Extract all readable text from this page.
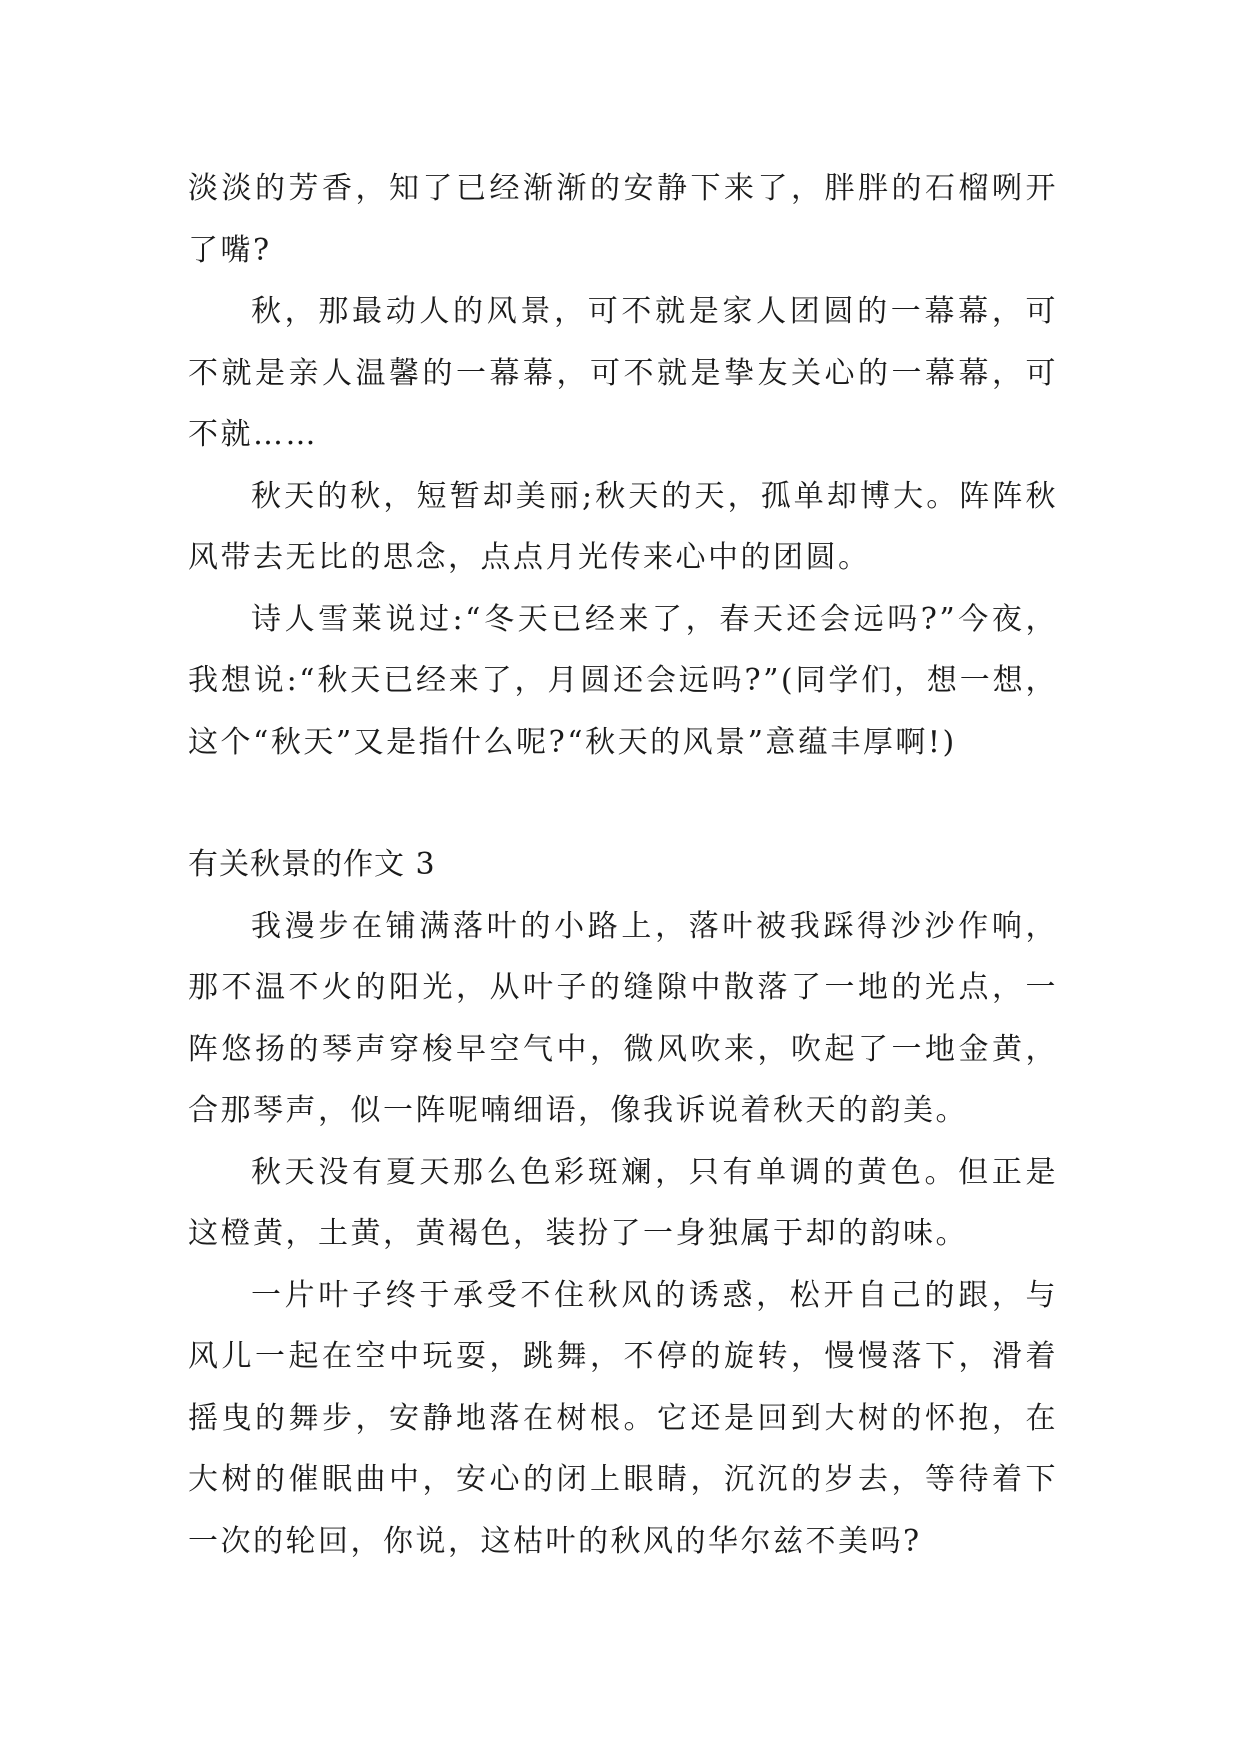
淡淡的芳香，知了已经渐渐的安静下来了，胖胖的石榴咧开了嘴?

秋，那最动人的风景，可不就是家人团圆的一幕幕，可不就是亲人温馨的一幕幕，可不就是挚友关心的一幕幕，可不就……

秋天的秋，短暂却美丽;秋天的天，孤单却博大。阵阵秋风带去无比的思念，点点月光传来心中的团圆。

诗人雪莱说过:“冬天已经来了，春天还会远吗?”今夜，我想说:“秋天已经来了，月圆还会远吗?”(同学们，想一想，这个“秋天”又是指什么呢?“秋天的风景”意蕴丰厚啊!)

有关秋景的作文 3

我漫步在铺满落叶的小路上，落叶被我踩得沙沙作响，那不温不火的阳光，从叶子的缝隙中散落了一地的光点，一阵悠扬的琴声穿梭早空气中，微风吹来，吹起了一地金黄，合那琴声，似一阵呢喃细语，像我诉说着秋天的韵美。

秋天没有夏天那么色彩斑斓，只有单调的黄色。但正是这橙黄，土黄，黄褐色，装扮了一身独属于却的韵味。

一片叶子终于承受不住秋风的诱惑，松开自己的跟，与风儿一起在空中玩耍，跳舞，不停的旋转，慢慢落下，滑着摇曳的舞步，安静地落在树根。它还是回到大树的怀抱，在大树的催眠曲中，安心的闭上眼睛，沉沉的岁去，等待着下一次的轮回，你说，这枯叶的秋风的华尔兹不美吗?
